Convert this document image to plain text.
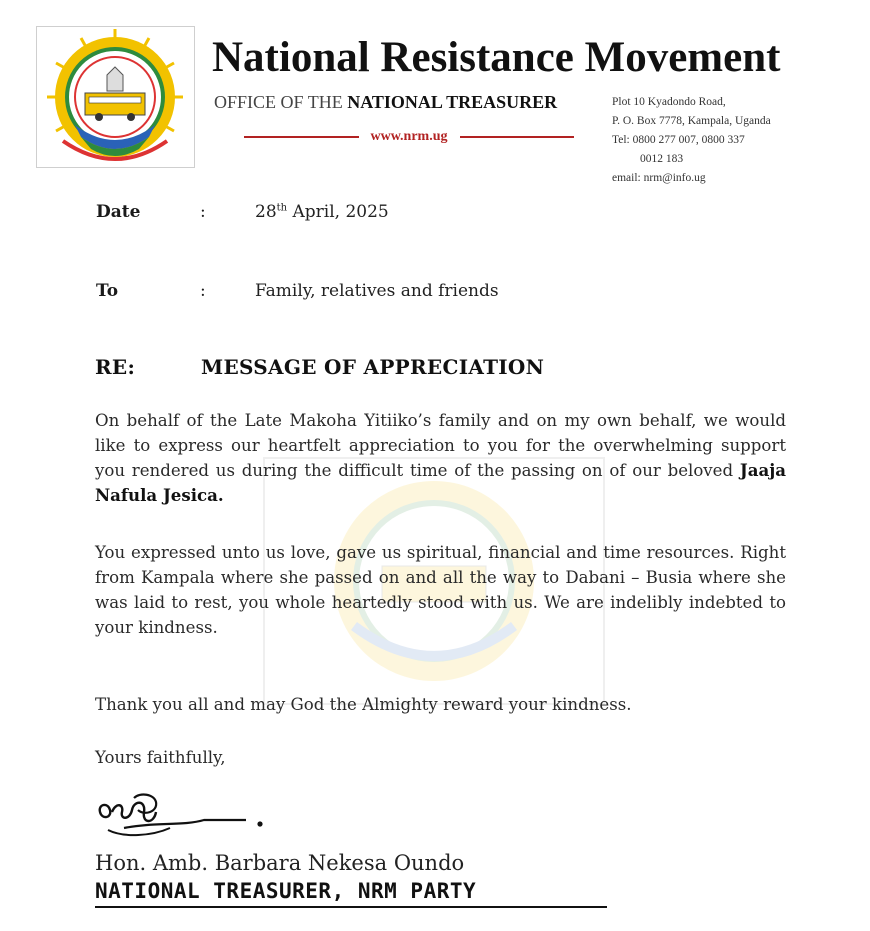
National Resistance Movement
OFFICE OF THE NATIONAL TREASURER
www.nrm.ug
Plot 10 Kyadondo Road,
P. O. Box 7778, Kampala, Uganda
Tel: 0800 277 007, 0800 337
0012 183
email: nrm@info.ug
Date	:	28th April, 2025
To	:	Family, relatives and friends
RE:	MESSAGE OF APPRECIATION
On behalf of the Late Makoha Yitiiko’s family and on my own behalf, we would like to express our heartfelt appreciation to you for the overwhelming support you rendered us during the difficult time of the passing on of our beloved Jaaja Nafula Jesica.
You expressed unto us love, gave us spiritual, financial and time resources. Right from Kampala where she passed on and all the way to Dabani – Busia where she was laid to rest, you whole heartedly stood with us. We are indelibly indebted to your kindness.
Thank you all and may God the Almighty reward your kindness.
Yours faithfully,
Hon. Amb. Barbara Nekesa Oundo
NATIONAL TREASURER, NRM PARTY
